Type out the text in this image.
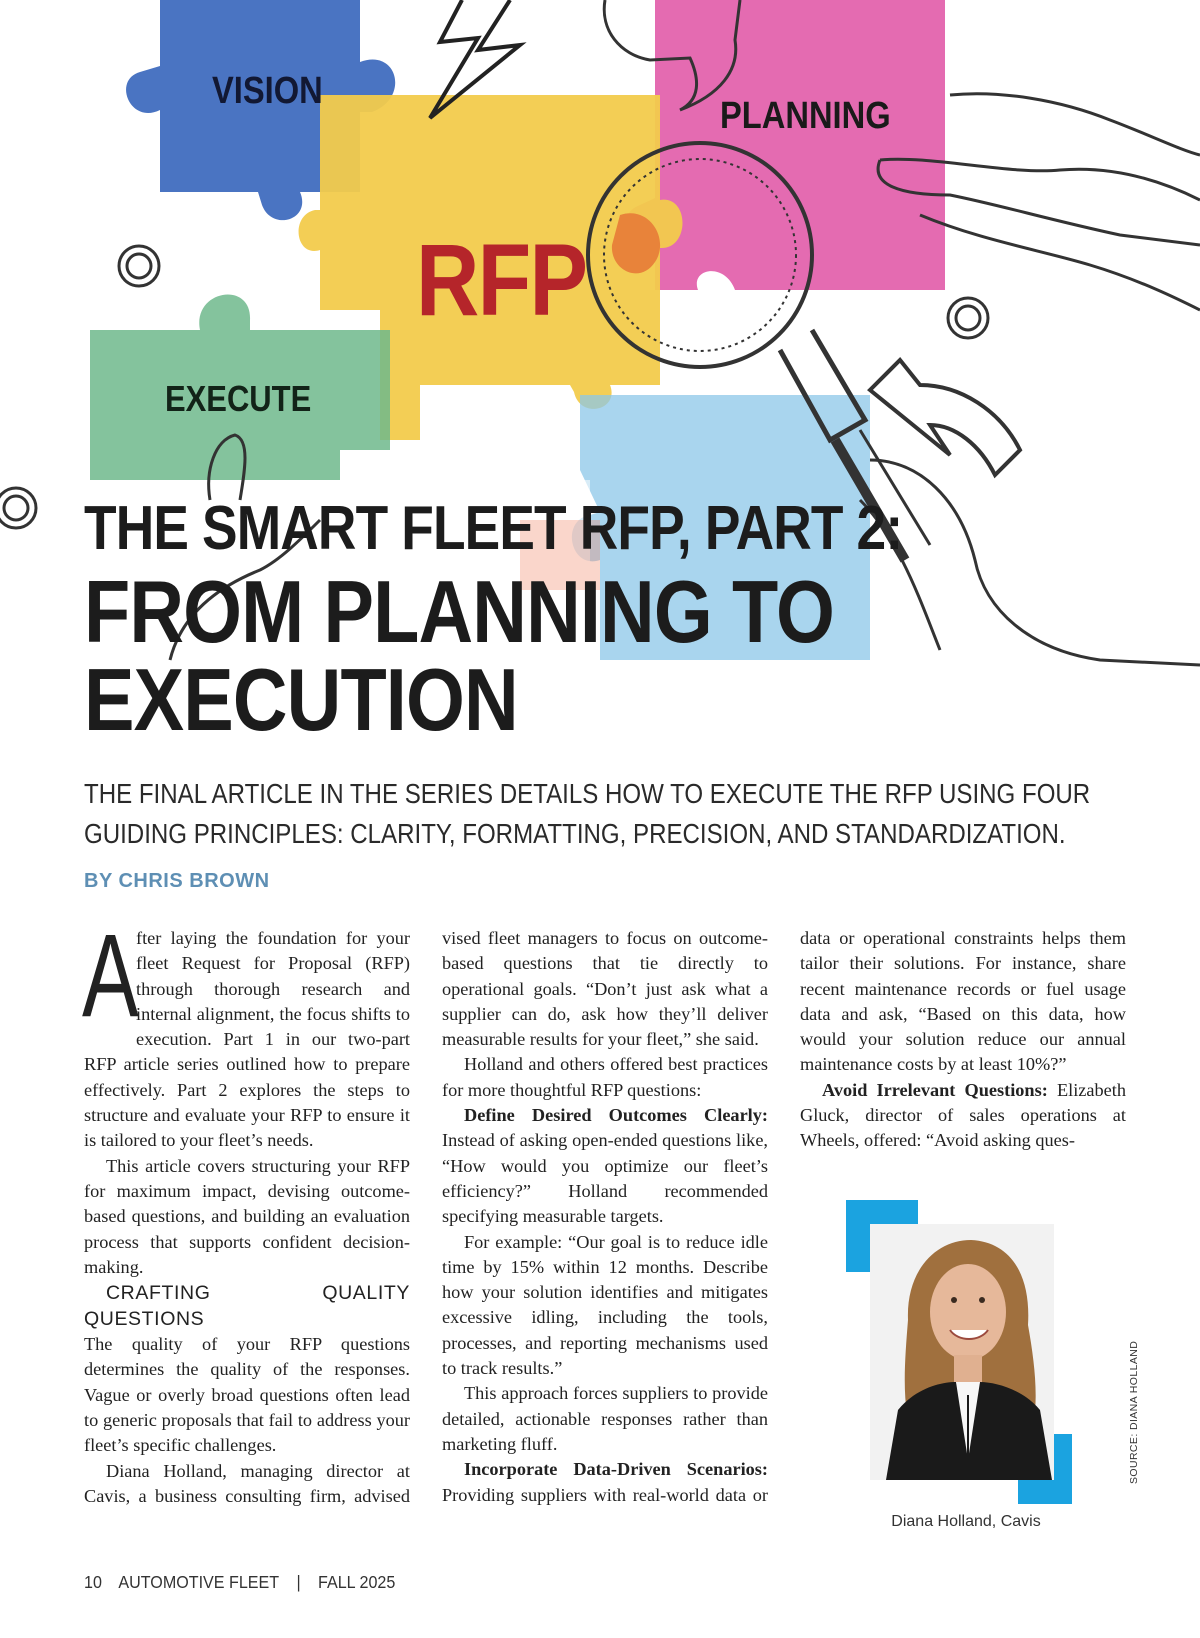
VISION
PLANNING
RFP
EXECUTE
THE SMART FLEET RFP, PART 2:
FROM PLANNING TO
EXECUTION
THE FINAL ARTICLE IN THE SERIES DETAILS HOW TO EXECUTE THE RFP USING FOUR GUIDING PRINCIPLES: CLARITY, FORMATTING, PRECISION, AND STANDARDIZATION.
BY CHRIS BROWN

A
fter laying the foundation for your fleet Request for Proposal (RFP) through thorough research and internal alignment, the focus shifts to execution. Part 1 in our two-part RFP article series outlined how to prepare effectively. Part 2 explores the steps to structure and evaluate your RFP to ensure it is tailored to your fleet’s needs.

This article covers structuring your RFP for maximum impact, devising outcome-based questions, and building an evaluation process that supports confident decision-making.

CRAFTING QUALITY QUESTIONS

The quality of your RFP questions determines the quality of the responses. Vague or overly broad questions often lead to generic proposals that fail to address your fleet’s specific challenges.

Diana Holland, managing director at Cavis, a business consulting firm, advised

vised fleet managers to focus on outcome-based questions that tie directly to operational goals. “Don’t just ask what a supplier can do, ask how they’ll deliver measurable results for your fleet,” she said.

Holland and others offered best practices for more thoughtful RFP questions:

Define Desired Outcomes Clearly: Instead of asking open-ended questions like, “How would you optimize our fleet’s efficiency?” Holland recommended specifying measurable targets.

For example: “Our goal is to reduce idle time by 15% within 12 months. Describe how your solution identifies and mitigates excessive idling, including the tools, processes, and reporting mechanisms used to track results.”

This approach forces suppliers to provide detailed, actionable responses rather than marketing fluff.

Incorporate Data-Driven Scenarios: Providing suppliers with real-world data or

data or operational constraints helps them tailor their solutions. For instance, share recent maintenance records or fuel usage data and ask, “Based on this data, how would your solution reduce our annual maintenance costs by at least 10%?”

Avoid Irrelevant Questions: Elizabeth Gluck, director of sales operations at Wheels, offered: “Avoid asking ques-

Diana Holland, Cavis
SOURCE: DIANA HOLLAND
10 AUTOMOTIVE FLEET | FALL 2025
